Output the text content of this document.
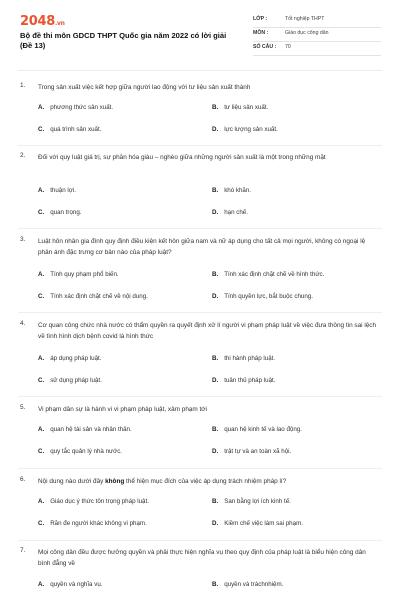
2048.vn
Bộ đề thi môn GDCD THPT Quốc gia năm 2022 có lời giải (Đề 13)
LỚP :	Tốt nghiệp THPT
MÔN :	Giáo dục công dân
SỐ CÂU : 70
1. Trong sản xuất việc kết hợp giữa người lao động với tư liệu sản xuất thành
A. phương thức sản xuất.	B. tư liệu sản xuất.
C. quá trình sản xuất.	D. lực lượng sản xuất.
2. Đối với quy luật giá trị, sự phân hóa giàu – nghèo giữa những người sản xuất là một trong những mặt
A. thuận lợi.	B. khó khăn.
C. quan trọng.	D. hạn chế.
3. Luật hôn nhân gia đình quy định điều kiện kết hôn giữa nam và nữ áp dụng cho tất cả mọi người, không có ngoại lệ phản ánh đặc trưng cơ bản nào của pháp luật?
A. Tính quy phạm phổ biến.	B. Tính xác định chặt chẽ về hình thức.
C. Tính xác định chặt chẽ về nội dung.	D. Tính quyền lực, bắt buộc chung.
4. Cơ quan công chức nhà nước có thẩm quyền ra quyết định xử lí người vi phạm pháp luật về việc đưa thông tin sai lệch về tình hình dịch bệnh covid là hình thức
A. áp dụng pháp luật.	B. thi hành pháp luật.
C. sử dụng pháp luật.	D. tuân thủ pháp luật.
5. Vi phạm dân sự là hành vi vi phạm pháp luật, xâm phạm tới
A. quan hệ tài sản và nhân thân.	B. quan hệ kinh tế và lao động.
C. quy tắc quản lý nhà nước.	D. trật tự và an toàn xã hội.
6. Nội dung nào dưới đây không thể hiện mục đích của việc áp dụng trách nhiệm pháp lí?
A. Giáo dục ý thức tôn trọng pháp luật.	B. San bằng lợi ích kinh tế.
C. Răn đe người khác không vi phạm.	D. Kiềm chế việc làm sai phạm.
7. Mọi công dân đều được hưởng quyền và phải thực hiện nghĩa vụ theo quy định của pháp luật là biểu hiện công dân bình đẳng về
A. quyền và nghĩa vụ.	B. quyền và tráchnhiệm.
